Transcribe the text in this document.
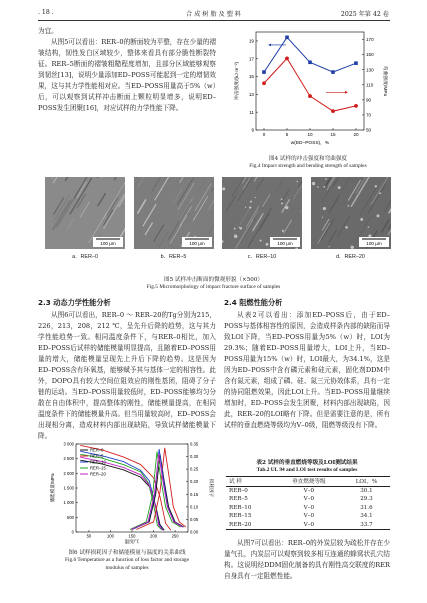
. 18 .	合 成 树 脂 及 塑 料	2025 年第 42 卷

为宜。

从图5可以看出：RER–0的断面较为平整，存在少量的褶皱结构，韧性发白区域较少，整体来看具有部分脆性断裂特征。RER–5断面的褶皱粗糙程度增加，且部分区域能够观察到韧丝[13]，说明少量添加ED–POSS可能起到一定的增韧效果，这与其力学性能相对应。当ED–POSS用量高于5%（w）后，可以观察到试样冲击断面上颗粒明显增多，说明ED–POSS发生团聚[16]，对应试样的力学性能下降。

0	5	10	15	20
9
11
13
15
17
19
50
70
90
110
130
150
170
w(ED–POSS)，%
冲击强度/(kJ·m⁻²)	弯曲强度/MPa
图4 试样的冲击强度和弯曲强度
Fig.4 Impact strength and bending strength of samples
100 μm
a．RER–0
100 μm
b．RER–5
100 μm
c．RER–10
100 μm
d．RER–20
图5 试样冲击断面的微观形貌（×500）
Fig.5 Micromorphology of impact fracture surface of samples
2.3 动态力学性能分析

从图6可以看出，RER–0 ～ RER–20的Tg分别为215，226，213，208，212 ℃，呈先升后降的趋势，这与其力学性能趋势一致。相同温度条件下，与RER–0相比，加入ED–POSS后试样的储能模量明显提高，且随着ED–POSS用量的增大，储能模量呈现先上升后下降的趋势。这是因为ED–POSS含有环氧基，能够赋予其与基体一定的相容性。此外，DOPO具有较大空间位阻效应的刚性基团，阻碍了分子链的运动。当ED–POSS用量较低时，ED–POSS能够均匀分散在自由体积中，提高整体的刚性，储能模量提高，在相同温度条件下的储能模量升高。但当用量较高时，ED–POSS会出现相分离，造成材料内部出现缺陷，导致试样储能模量下降。

50	100	150	200	250
0
500
1 000
1 500
2 000
2 500
3 000
0.00
0.05
0.10
0.15
0.20
0.25
0.30
0.35
温度/℃
储能模量/MPa	损耗因子
RER–0
RER–5
RER–10
RER–15
RER–20
图6 试样损耗因子和储能模量与温度的关系曲线
Fig.6 Temperature as a function of loss factor and storage
modulus of samples
2.4 阻燃性能分析

从表2可以看出：添加ED–POSS后，由于ED–POSS与基体相容性的原因，会造成样条内部的缺陷而导致LOI下降，当ED–POSS用量为5%（w）时，LOI为29.3%；随着ED–POSS用量增大，LOI上升，当ED–POSS用量为15%（w）时，LOI最大，为34.1%，这是因为ED–POSS中含有磷元素和硅元素，固化剂DDM中含有氮元素，组成了磷、硅、氮三元协效体系，具有一定的协同阻燃效果，因此LOI上升。当ED–POSS用量继续增加时，ED–POSS会发生团聚，材料内部出现缺陷，因此，RER–20的LOI略有下降。但是需要注意的是，所有试样的垂直燃烧等级均为V–0级，阻燃等级没有下降。

表2 试样的垂直燃烧等级及LOI测试结果
Tab.2 UL 94 and LOI test results of samples
试 样	垂直燃烧等级	LOI，%
RER–0	V–0	30.1
RER–5	V–0	29.3
RER–10	V–0	31.6
RER–15	V–0	34.1
RER–20	V–0	33.7

从图7可以看出：RER–0的外炭层较为疏松并存在少量气孔，内炭层可以观察到较多相互连通的蜂窝状孔穴结构。这说明经DDM固化制备的具有刚性高交联度的RER自身具有一定阻燃性能。
